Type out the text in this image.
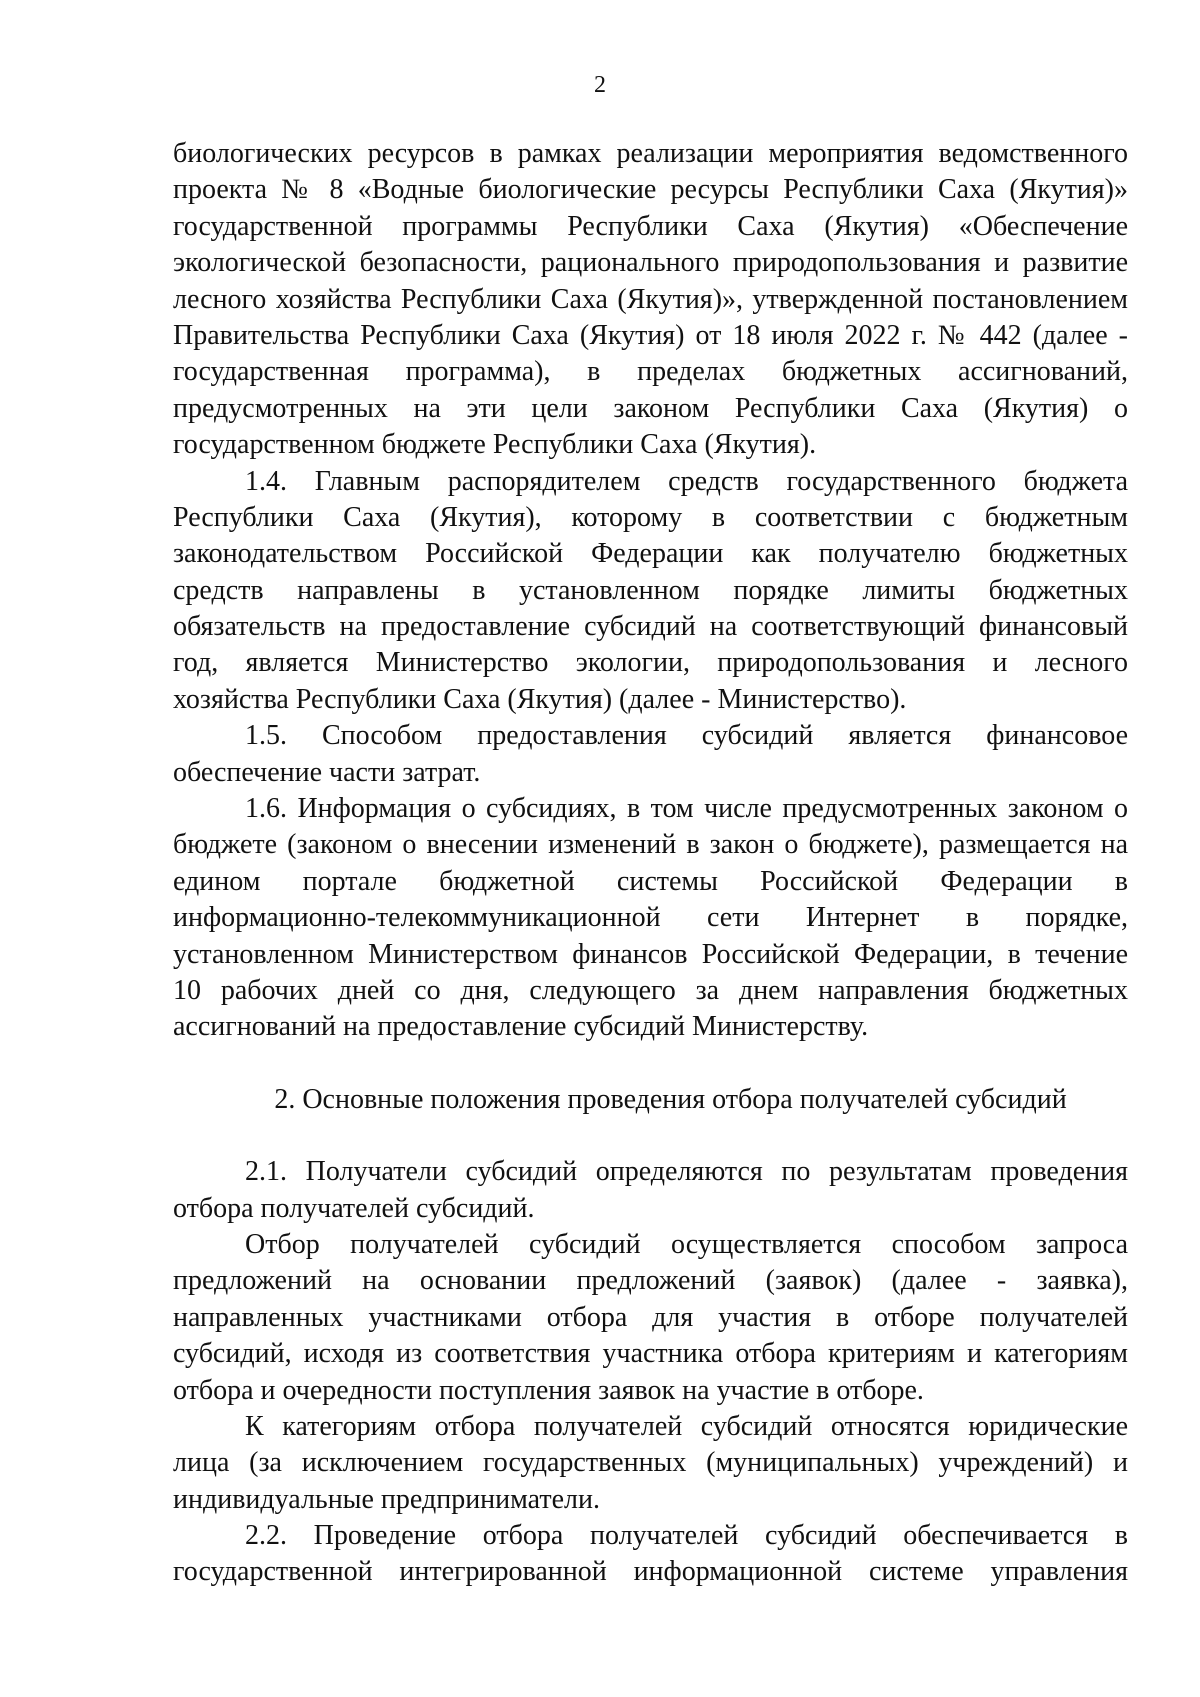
2
биологических ресурсов в рамках реализации мероприятия ведомственного
проекта № 8 «Водные биологические ресурсы Республики Саха (Якутия)»
государственной программы Республики Саха (Якутия) «Обеспечение
экологической безопасности, рационального природопользования и развитие
лесного хозяйства Республики Саха (Якутия)», утвержденной постановлением
Правительства Республики Саха (Якутия) от 18 июля 2022 г. № 442 (далее -
государственная программа), в пределах бюджетных ассигнований,
предусмотренных на эти цели законом Республики Саха (Якутия) о
государственном бюджете Республики Саха (Якутия).
1.4. Главным распорядителем средств государственного бюджета
Республики Саха (Якутия), которому в соответствии с бюджетным
законодательством Российской Федерации как получателю бюджетных
средств направлены в установленном порядке лимиты бюджетных
обязательств на предоставление субсидий на соответствующий финансовый
год, является Министерство экологии, природопользования и лесного
хозяйства Республики Саха (Якутия) (далее - Министерство).
1.5. Способом предоставления субсидий является финансовое
обеспечение части затрат.
1.6. Информация о субсидиях, в том числе предусмотренных законом о
бюджете (законом о внесении изменений в закон о бюджете), размещается на
едином портале бюджетной системы Российской Федерации в
информационно-телекоммуникационной сети Интернет в порядке,
установленном Министерством финансов Российской Федерации, в течение
10 рабочих дней со дня, следующего за днем направления бюджетных
ассигнований на предоставление субсидий Министерству.
2. Основные положения проведения отбора получателей субсидий
2.1. Получатели субсидий определяются по результатам проведения
отбора получателей субсидий.
Отбор получателей субсидий осуществляется способом запроса
предложений на основании предложений (заявок) (далее - заявка),
направленных участниками отбора для участия в отборе получателей
субсидий, исходя из соответствия участника отбора критериям и категориям
отбора и очередности поступления заявок на участие в отборе.
К категориям отбора получателей субсидий относятся юридические
лица (за исключением государственных (муниципальных) учреждений) и
индивидуальные предприниматели.
2.2. Проведение отбора получателей субсидий обеспечивается в
государственной интегрированной информационной системе управления
